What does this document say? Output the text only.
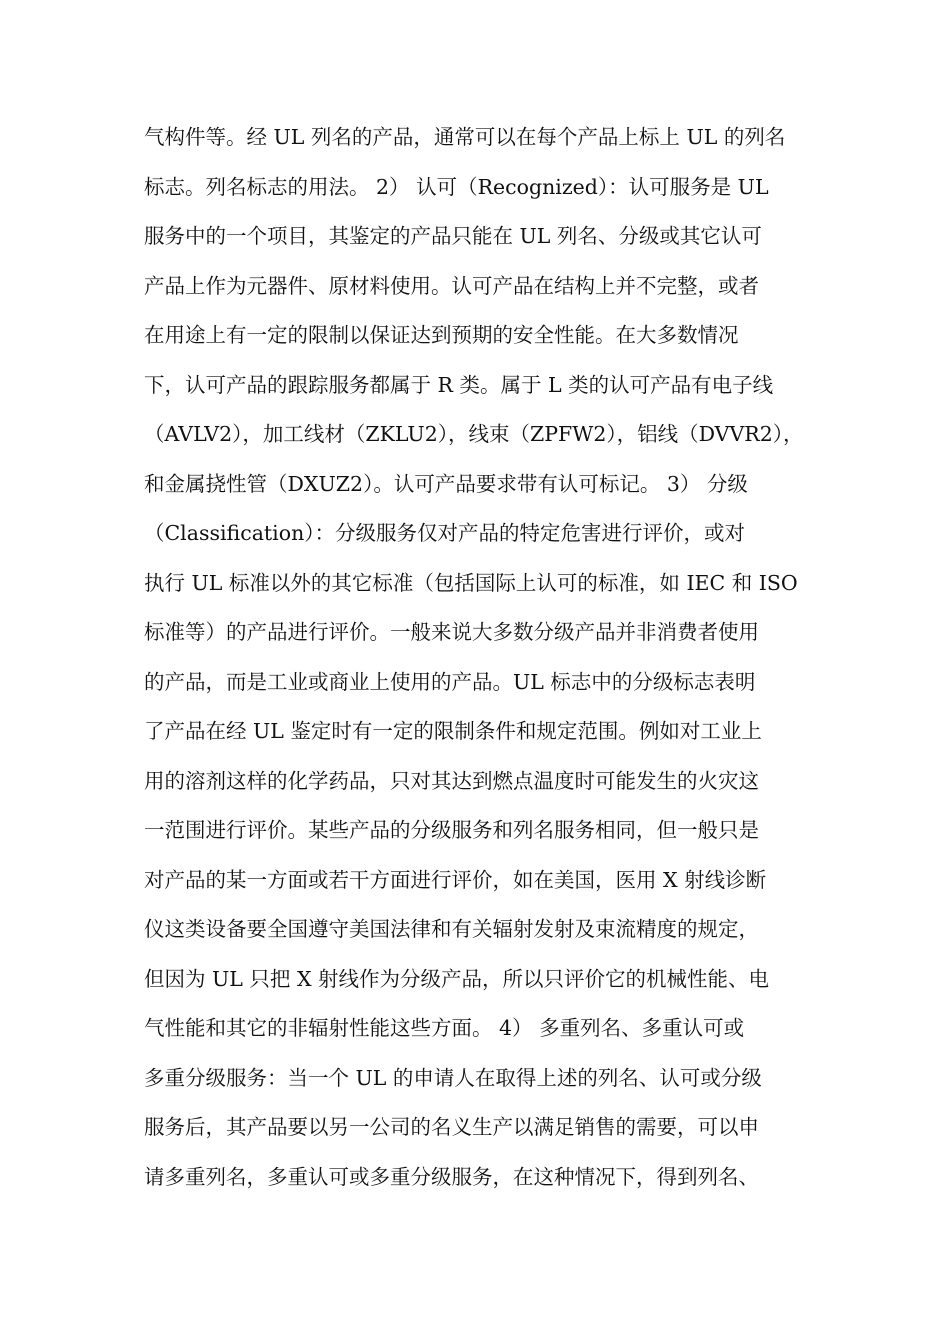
气构件等。经 UL 列名的产品，通常可以在每个产品上标上 UL 的列名
标志。列名标志的用法。 2） 认可（Recognized）：认可服务是 UL
服务中的一个项目，其鉴定的产品只能在 UL 列名、分级或其它认可
产品上作为元器件、原材料使用。认可产品在结构上并不完整，或者
在用途上有一定的限制以保证达到预期的安全性能。在大多数情况
下，认可产品的跟踪服务都属于 R 类。属于 L 类的认可产品有电子线
（AVLV2），加工线材（ZKLU2），线束（ZPFW2），铝线（DVVR2），
和金属挠性管（DXUZ2）。认可产品要求带有认可标记。 3） 分级
（Classification）：分级服务仅对产品的特定危害进行评价，或对
执行 UL 标准以外的其它标准（包括国际上认可的标准，如 IEC 和 ISO
标准等）的产品进行评价。一般来说大多数分级产品并非消费者使用
的产品，而是工业或商业上使用的产品。UL 标志中的分级标志表明
了产品在经 UL 鉴定时有一定的限制条件和规定范围。例如对工业上
用的溶剂这样的化学药品，只对其达到燃点温度时可能发生的火灾这
一范围进行评价。某些产品的分级服务和列名服务相同，但一般只是
对产品的某一方面或若干方面进行评价，如在美国，医用 X 射线诊断
仪这类设备要全国遵守美国法律和有关辐射发射及束流精度的规定，
但因为 UL 只把 X 射线作为分级产品，所以只评价它的机械性能、电
气性能和其它的非辐射性能这些方面。 4） 多重列名、多重认可或
多重分级服务：当一个 UL 的申请人在取得上述的列名、认可或分级
服务后，其产品要以另一公司的名义生产以满足销售的需要，可以申
请多重列名，多重认可或多重分级服务，在这种情况下，得到列名、
